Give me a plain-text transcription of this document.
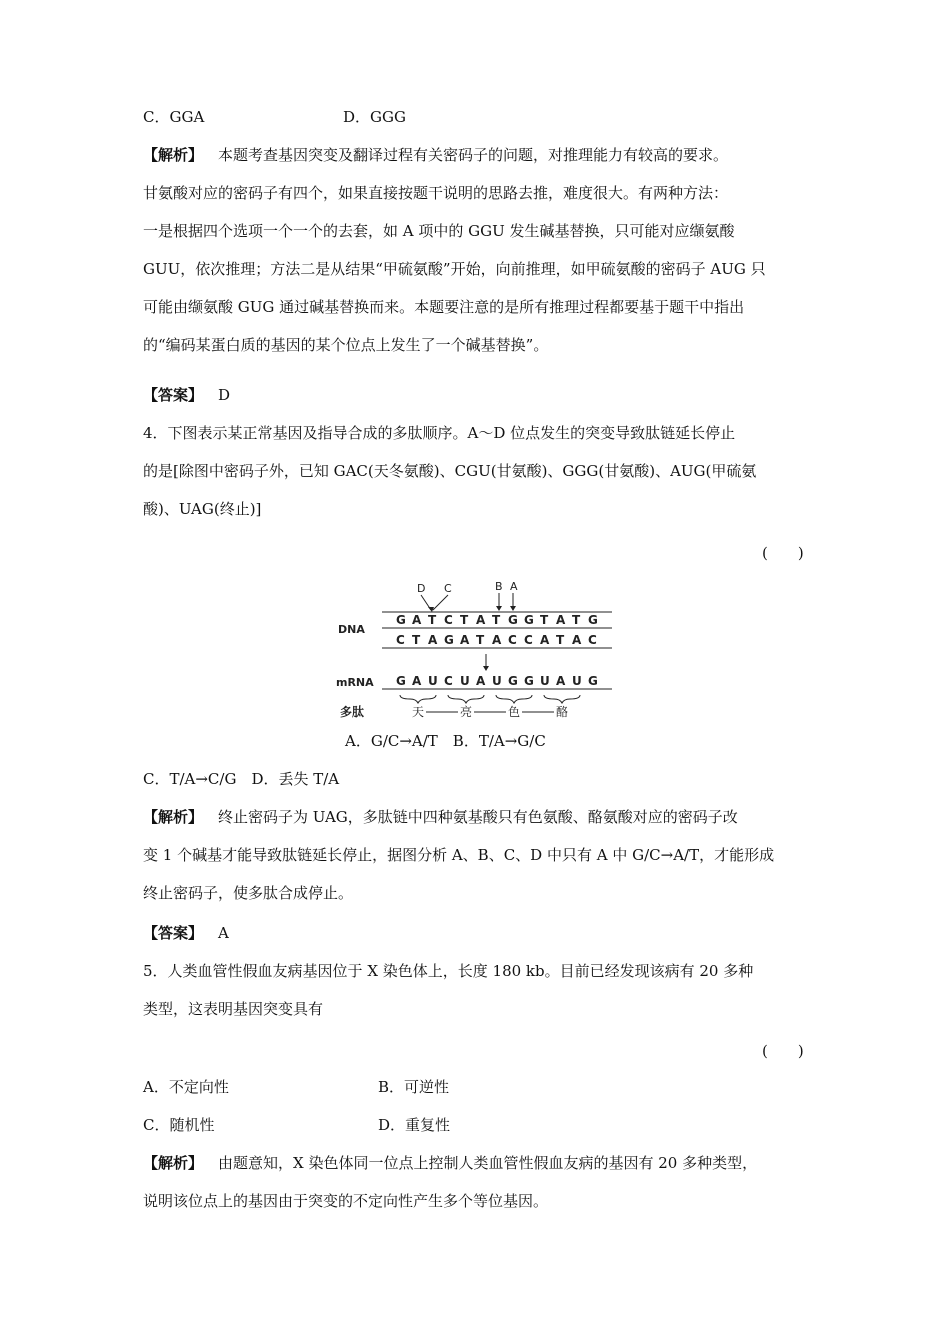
C．GGA	D．GGG
【解析】  本题考查基因突变及翻译过程有关密码子的问题，对推理能力有较高的要求。
甘氨酸对应的密码子有四个，如果直接按题干说明的思路去推，难度很大。有两种方法：
一是根据四个选项一个一个的去套，如 A 项中的 GGU 发生碱基替换，只可能对应缬氨酸
GUU，依次推理；方法二是从结果“甲硫氨酸”开始，向前推理，如甲硫氨酸的密码子 AUG 只
可能由缬氨酸 GUG 通过碱基替换而来。本题要注意的是所有推理过程都要基于题干中指出
的“编码某蛋白质的基因的某个位点上发生了一个碱基替换”。
【答案】  D
4．下图表示某正常基因及指导合成的多肽顺序。A～D 位点发生的突变导致肽链延长停止
的是[除图中密码子外，已知 GAC(天冬氨酸)、CGU(甘氨酸)、GGG(甘氨酸)、AUG(甲硫氨
酸)、UAG(终止)]
(　　)
DNA
mRNA
多肽
G A T C T A T G G T A T G
C T A G A T A C C A T A C
G A U C U A U G G U A U G
D C	B A
天	亮	色	酪
A．G/C→A/T　B．T/A→G/C
C．T/A→C/G　D．丢失 T/A
【解析】  终止密码子为 UAG，多肽链中四种氨基酸只有色氨酸、酪氨酸对应的密码子改
变 1 个碱基才能导致肽链延长停止，据图分析 A、B、C、D 中只有 A 中 G/C→A/T，才能形成
终止密码子，使多肽合成停止。
【答案】  A
5．人类血管性假血友病基因位于 X 染色体上，长度 180 kb。目前已经发现该病有 20 多种
类型，这表明基因突变具有
(　　)
A．不定向性	B．可逆性
C．随机性	D．重复性
【解析】  由题意知，X 染色体同一位点上控制人类血管性假血友病的基因有 20 多种类型，
说明该位点上的基因由于突变的不定向性产生多个等位基因。
